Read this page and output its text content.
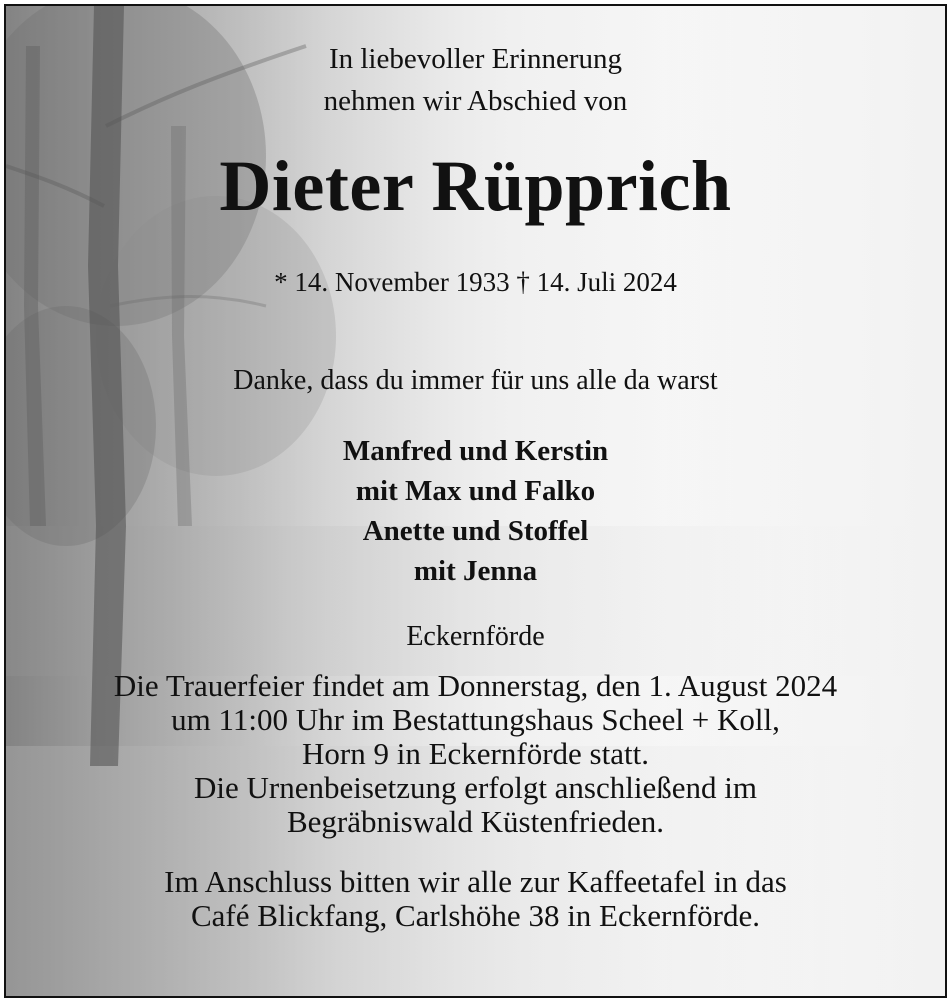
In liebevoller Erinnerung
nehmen wir Abschied von
Dieter Rüpprich
* 14. November 1933 † 14. Juli 2024
Danke, dass du immer für uns alle da warst
Manfred und Kerstin
mit Max und Falko
Anette und Stoffel
mit Jenna
Eckernförde
Die Trauerfeier findet am Donnerstag, den 1. August 2024
um 11:00 Uhr im Bestattungshaus Scheel + Koll,
Horn 9 in Eckernförde statt.
Die Urnenbeisetzung erfolgt anschließend im
Begräbniswald Küstenfrieden.
Im Anschluss bitten wir alle zur Kaffeetafel in das
Café Blickfang, Carlshöhe 38 in Eckernförde.
